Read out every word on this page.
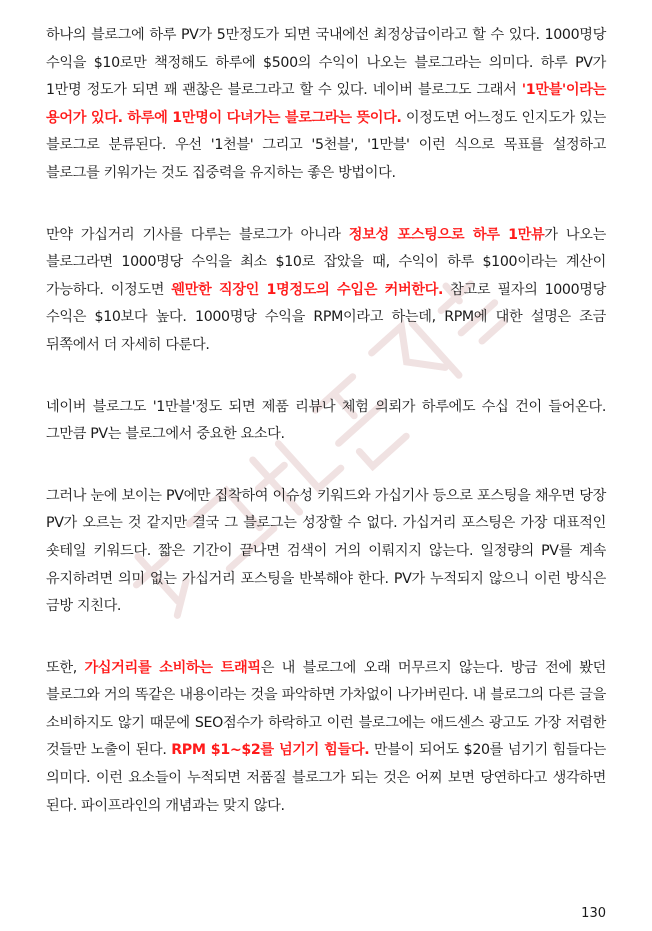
하나의 블로그에 하루 PV가 5만정도가 되면 국내에선 최정상급이라고 할 수 있다. 1000명당 수익을 $10로만 책정해도 하루에 $500의 수익이 나오는 블로그라는 의미다. 하루 PV가 1만명 정도가 되면 꽤 괜찮은 블로그라고 할 수 있다. 네이버 블로그도 그래서 '1만블'이라는 용어가 있다. 하루에 1만명이 다녀가는 블로그라는 뜻이다. 이정도면 어느정도 인지도가 있는 블로그로 분류된다. 우선 '1천블' 그리고 '5천블', '1만블' 이런 식으로 목표를 설정하고 블로그를 키워가는 것도 집중력을 유지하는 좋은 방법이다.

만약 가십거리 기사를 다루는 블로그가 아니라 정보성 포스팅으로 하루 1만뷰가 나오는 블로그라면 1000명당 수익을 최소 $10로 잡았을 때, 수익이 하루 $100이라는 계산이 가능하다. 이정도면 웬만한 직장인 1명정도의 수입은 커버한다. 참고로 필자의 1000명당 수익은 $10보다 높다. 1000명당 수익을 RPM이라고 하는데, RPM에 대한 설명은 조금 뒤쪽에서 더 자세히 다룬다.

네이버 블로그도 '1만블'정도 되면 제품 리뷰나 체험 의뢰가 하루에도 수십 건이 들어온다. 그만큼 PV는 블로그에서 중요한 요소다.

그러나 눈에 보이는 PV에만 집착하여 이슈성 키워드와 가십기사 등으로 포스팅을 채우면 당장 PV가 오르는 것 같지만 결국 그 블로그는 성장할 수 없다. 가십거리 포스팅은 가장 대표적인 숏테일 키워드다. 짧은 기간이 끝나면 검색이 거의 이뤄지지 않는다. 일정량의 PV를 계속 유지하려면 의미 없는 가십거리 포스팅을 반복해야 한다. PV가 누적되지 않으니 이런 방식은 금방 지친다.

또한, 가십거리를 소비하는 트래픽은 내 블로그에 오래 머무르지 않는다. 방금 전에 봤던 블로그와 거의 똑같은 내용이라는 것을 파악하면 가차없이 나가버린다. 내 블로그의 다른 글을 소비하지도 않기 때문에 SEO점수가 하락하고 이런 블로그에는 애드센스 광고도 가장 저렴한 것들만 노출이 된다. RPM $1~$2를 넘기기 힘들다. 만블이 되어도 $20를 넘기기 힘들다는 의미다. 이런 요소들이 누적되면 저품질 블로그가 되는 것은 어찌 보면 당연하다고 생각하면 된다. 파이프라인의 개념과는 맞지 않다.

130
